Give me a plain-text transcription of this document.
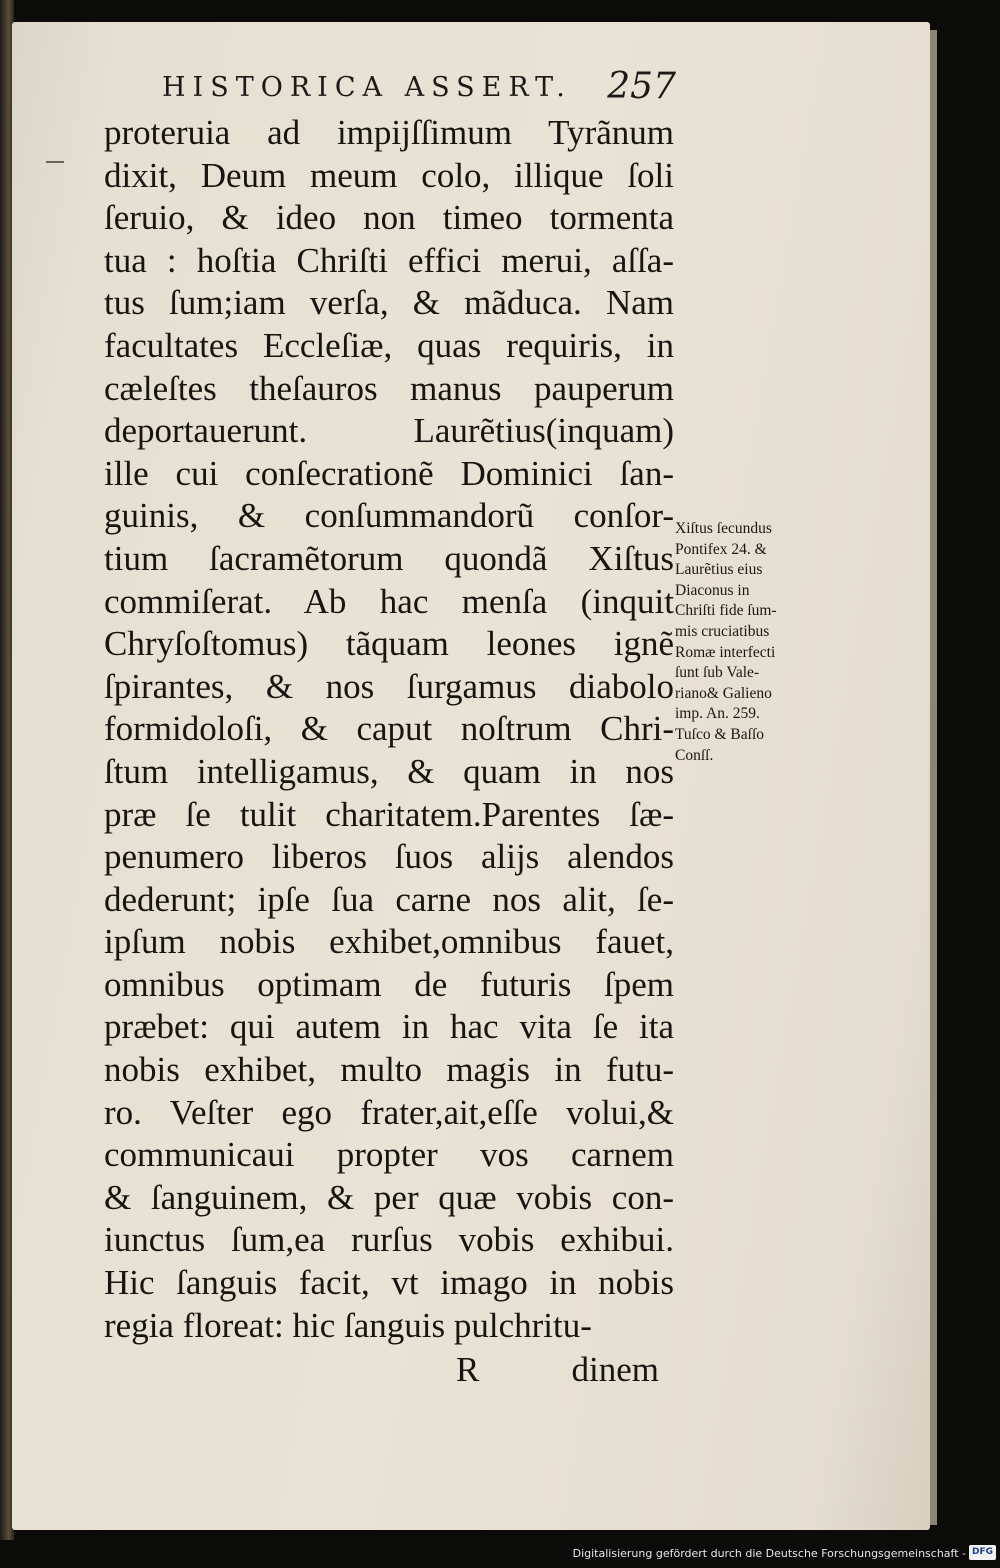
HISTORICA ASSERT. 257
proteruia ad impijſſimum Tyrãnum
dixit, Deum meum colo, illique ſoli
ſeruio, & ideo non timeo tormenta
tua : hoſtia Chriſti effici merui, aſſa-
tus ſum;iam verſa, & mãduca. Nam
facultates Eccleſiæ, quas requiris, in
cæleſtes theſauros manus pauperum
deportauerunt. Laurẽtius(inquam)
ille cui conſecrationẽ Dominici ſan-
guinis, & conſummandorũ conſor-
tium ſacramẽtorum quondã Xiſtus
commiſerat. Ab hac menſa (inquit
Chryſoſtomus) tãquam leones ignẽ
ſpirantes, & nos ſurgamus diabolo
formidoloſi, & caput noſtrum Chri-
ſtum intelligamus, & quam in nos
præ ſe tulit charitatem.Parentes ſæ-
penumero liberos ſuos alijs alendos
dederunt; ipſe ſua carne nos alit, ſe-
ipſum nobis exhibet,omnibus fauet,
omnibus optimam de futuris ſpem
præbet: qui autem in hac vita ſe ita
nobis exhibet, multo magis in futu-
ro. Veſter ego frater,ait,eſſe volui,&
communicaui propter vos carnem
& ſanguinem, & per quæ vobis con-
iunctus ſum,ea rurſus vobis exhibui.
Hic ſanguis facit, vt imago in nobis
regia floreat: hic ſanguis pulchritu-
R	dinem
Xiſtus ſecundus
Pontifex 24. &
Laurẽtius eius
Diaconus in
Chriſti fide ſum-
mis cruciatibus
Romæ interfecti
ſunt ſub Vale-
riano& Galieno
imp. An. 259.
Tuſco & Baſſo
Conſſ.
Digitalisierung gefördert durch die Deutsche Forschungsgemeinschaft - DFG
